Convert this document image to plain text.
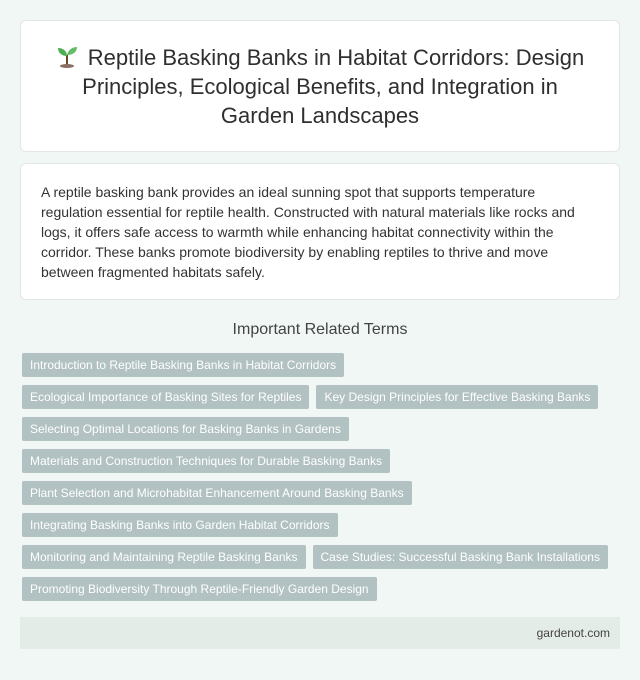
Reptile Basking Banks in Habitat Corridors: Design Principles, Ecological Benefits, and Integration in Garden Landscapes

A reptile basking bank provides an ideal sunning spot that supports temperature regulation essential for reptile health. Constructed with natural materials like rocks and logs, it offers safe access to warmth while enhancing habitat connectivity within the corridor. These banks promote biodiversity by enabling reptiles to thrive and move between fragmented habitats safely.

Important Related Terms
Introduction to Reptile Basking Banks in Habitat Corridors
Ecological Importance of Basking Sites for Reptiles	Key Design Principles for Effective Basking Banks
Selecting Optimal Locations for Basking Banks in Gardens
Materials and Construction Techniques for Durable Basking Banks
Plant Selection and Microhabitat Enhancement Around Basking Banks
Integrating Basking Banks into Garden Habitat Corridors
Monitoring and Maintaining Reptile Basking Banks	Case Studies: Successful Basking Bank Installations
Promoting Biodiversity Through Reptile-Friendly Garden Design
gardenot.com
